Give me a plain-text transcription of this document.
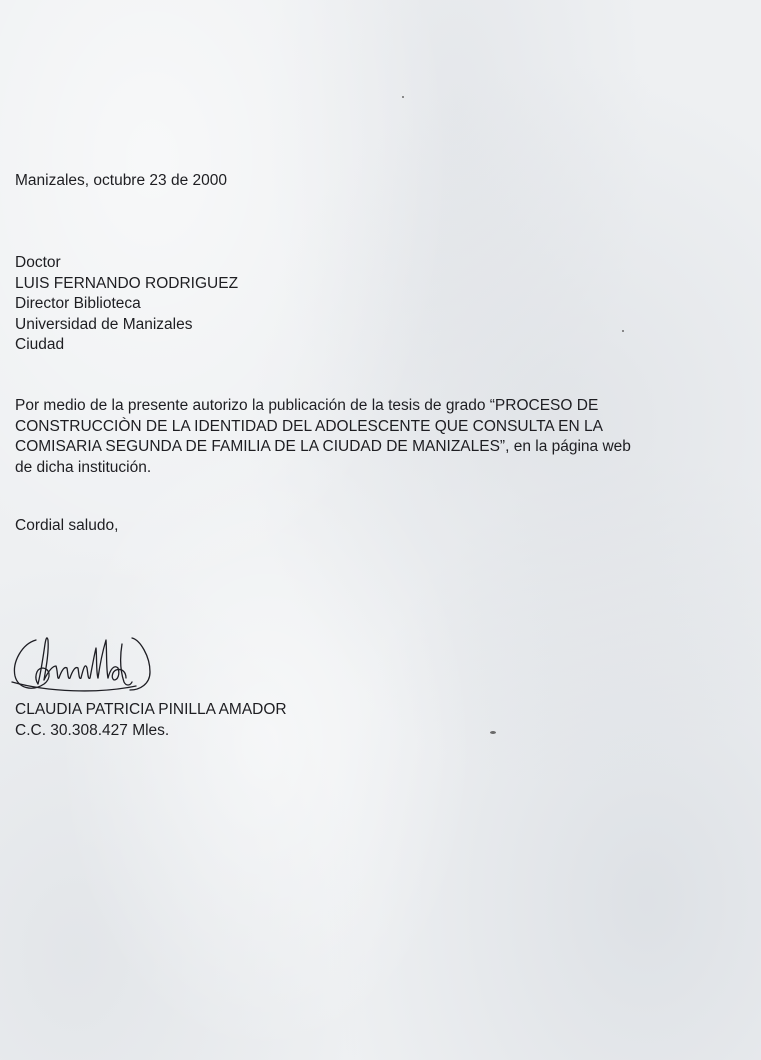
Manizales, octubre 23 de 2000
Doctor
LUIS FERNANDO RODRIGUEZ
Director Biblioteca
Universidad de Manizales
Ciudad
Por medio de la presente autorizo la publicación de la tesis de grado “PROCESO DE
CONSTRUCCIÒN DE LA IDENTIDAD DEL ADOLESCENTE QUE CONSULTA EN LA
COMISARIA SEGUNDA DE FAMILIA DE LA CIUDAD DE MANIZALES”, en la página web
de dicha institución.
Cordial saludo,
CLAUDIA PATRICIA PINILLA AMADOR
C.C. 30.308.427 Mles.
